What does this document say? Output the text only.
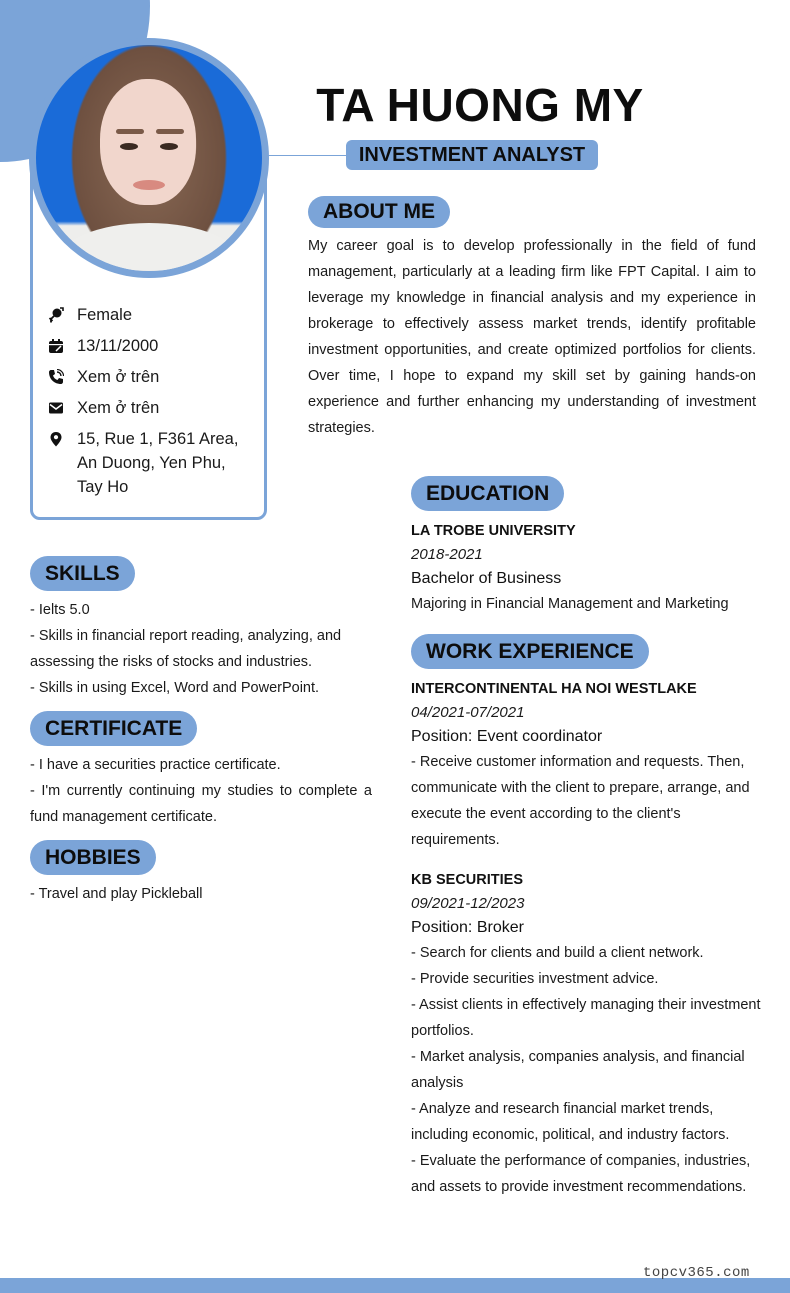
TA HUONG MY
INVESTMENT ANALYST
Female
13/11/2000
Xem ở trên
Xem ở trên
15, Rue 1, F361 Area, An Duong, Yen Phu, Tay Ho
ABOUT ME
My career goal is to develop professionally in the field of fund management, particularly at a leading firm like FPT Capital. I aim to leverage my knowledge in financial analysis and my experience in brokerage to effectively assess market trends, identify profitable investment opportunities, and create optimized portfolios for clients. Over time, I hope to expand my skill set by gaining hands-on experience and further enhancing my understanding of investment strategies.
SKILLS
- Ielts 5.0
- Skills in financial report reading, analyzing, and assessing the risks of stocks and industries.
- Skills in using Excel, Word and PowerPoint.
CERTIFICATE
- I have a securities practice certificate.
- I'm currently continuing my studies to complete a fund management certificate.
HOBBIES
- Travel and play Pickleball
EDUCATION
LA TROBE UNIVERSITY
2018-2021
Bachelor of Business
Majoring in Financial Management and Marketing
WORK EXPERIENCE
INTERCONTINENTAL HA NOI WESTLAKE
04/2021-07/2021
Position: Event coordinator
- Receive customer information and requests. Then, communicate with the client to prepare, arrange, and execute the event according to the client's requirements.
KB SECURITIES
09/2021-12/2023
Position: Broker
- Search for clients and build a client network.
- Provide securities investment advice.
- Assist clients in effectively managing their investment portfolios.
- Market analysis, companies analysis, and financial analysis
- Analyze and research financial market trends, including economic, political, and industry factors.
- Evaluate the performance of companies, industries, and assets to provide investment recommendations.
topcv365.com
